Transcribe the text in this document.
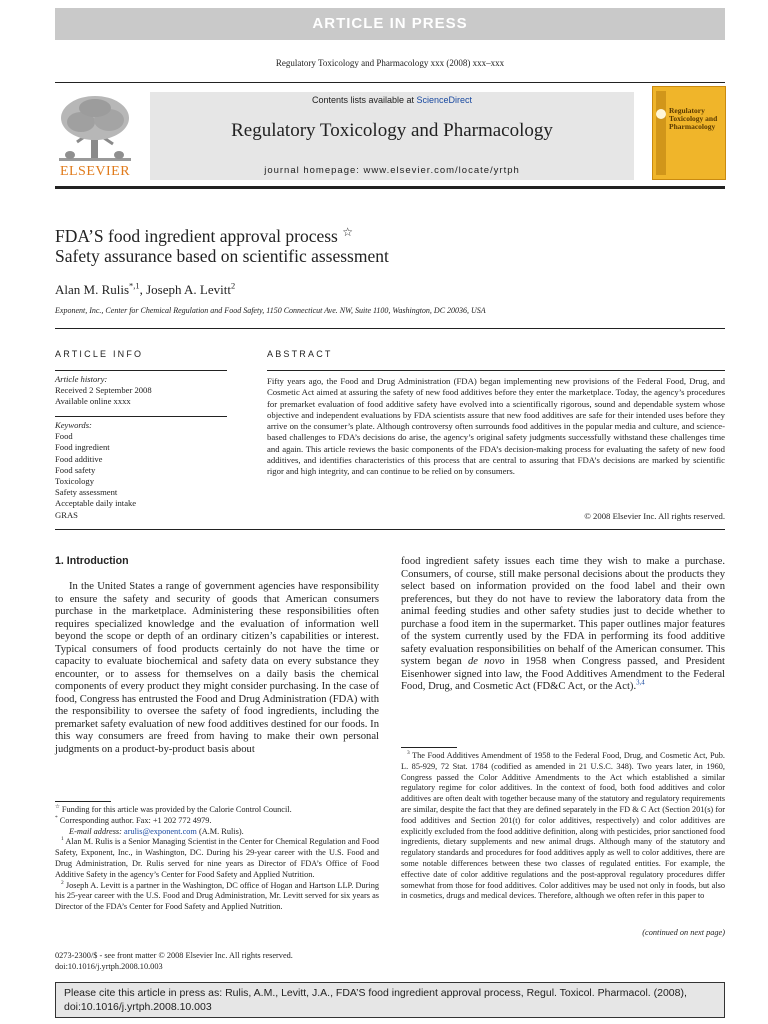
ARTICLE IN PRESS
Regulatory Toxicology and Pharmacology xxx (2008) xxx–xxx
ELSEVIER
Contents lists available at ScienceDirect
Regulatory Toxicology and Pharmacology
journal homepage: www.elsevier.com/locate/yrtph
Regulatory Toxicology and Pharmacology
FDA’S food ingredient approval process ☆
Safety assurance based on scientific assessment
Alan M. Rulis$^{*,1}$, Joseph A. Levitt$^2$
Exponent, Inc., Center for Chemical Regulation and Food Safety, 1150 Connecticut Ave. NW, Suite 1100, Washington, DC 20036, USA
ARTICLE INFO
Article history:
Received 2 September 2008
Available online xxxx
Keywords:
Food
Food ingredient
Food additive
Food safety
Toxicology
Safety assessment
Acceptable daily intake
GRAS
ABSTRACT
Fifty years ago, the Food and Drug Administration (FDA) began implementing new provisions of the Federal Food, Drug, and Cosmetic Act aimed at assuring the safety of new food additives before they enter the marketplace. Today, the agency’s procedures for premarket evaluation of food additive safety have evolved into a scientifically rigorous, sound and dependable system whose objective and independent evaluations by FDA scientists assure that new food additives are safe for their intended uses before they arrive on the consumer’s plate. Although controversy often surrounds food additives in the popular media and culture, and science-based challenges to FDA’s decisions do arise, the agency’s original safety judgments successfully withstand these challenges time and again. This article reviews the basic components of the FDA’s decision-making process for evaluating the safety of new food additives, and identifies characteristics of this process that are central to assuring that FDA’s decisions are marked by scientific rigor and high integrity, and can continue to be relied on by consumers.
© 2008 Elsevier Inc. All rights reserved.
1. Introduction
In the United States a range of government agencies have responsibility to ensure the safety and security of goods that American consumers purchase in the marketplace. Administering these responsibilities often requires specialized knowledge and the evaluation of information well beyond the scope or depth of an ordinary citizen’s capabilities or interest. Typical consumers of food products certainly do not have the time or capacity to evaluate biochemical and safety data on every substance they encounter, or to assess for themselves on a daily basis the chemical components of every product they might consider purchasing. In the case of food, Congress has entrusted the Food and Drug Administration (FDA) with the responsibility to oversee the safety of food ingredients, including the premarket safety evaluation of new food additives destined for our foods. In this way consumers are freed from having to make their own personal judgments on a product-by-product basis about
food ingredient safety issues each time they wish to make a purchase. Consumers, of course, still make personal decisions about the products they select based on information provided on the food label and their own preferences, but they do not have to review the laboratory data from the animal feeding studies and other safety studies just to decide whether to purchase a food item in the supermarket. This paper outlines major features of the system currently used by the FDA in performing its food additive safety evaluation responsibilities on behalf of the American consumer. This system began de novo in 1958 when Congress passed, and President Eisenhower signed into law, the Food Additives Amendment to the Federal Food, Drug, and Cosmetic Act (FD&C Act, or the Act).$^{3,4}$
☆ Funding for this article was provided by the Calorie Control Council.
* Corresponding author. Fax: +1 202 772 4979.
E-mail address: arulis@exponent.com (A.M. Rulis).
$^1$ Alan M. Rulis is a Senior Managing Scientist in the Center for Chemical Regulation and Food Safety, Exponent, Inc., in Washington, DC. During his 29-year career with the U.S. Food and Drug Administration, Dr. Rulis served for nine years as Director of FDA’s Office of Food Additive Safety in the agency’s Center for Food Safety and Applied Nutrition.
$^2$ Joseph A. Levitt is a partner in the Washington, DC office of Hogan and Hartson LLP. During his 25-year career with the U.S. Food and Drug Administration, Mr. Levitt served for six years as Director of the FDA’s Center for Food Safety and Applied Nutrition.
$^3$ The Food Additives Amendment of 1958 to the Federal Food, Drug, and Cosmetic Act, Pub. L. 85-929, 72 Stat. 1784 (codified as amended in 21 U.S.C. 348). Two years later, in 1960, Congress passed the Color Additive Amendments to the Act which established a similar regulatory regime for color additives. In the context of food, both food additives and color additives are often dealt with together because many of the statutory and regulatory requirements are similar, despite the fact that they are defined separately in the FD & C Act (Section 201(s) for food additives and Section 201(t) for color additives, respectively) and color additives are explicitly excluded from the food additive definition, along with pesticides, prior sanctioned food ingredients, dietary supplements and new animal drugs. Although many of the statutory and regulatory standards and procedures for food additives apply as well to color additives, there are some notable differences between these two classes of regulated entities. For example, the effective date of color additive regulations and the post-approval regulatory procedures differ somewhat from those for food additives. Color additives may be used not only in foods, but also in cosmetics, drugs and medical devices. Therefore, although we often refer in this paper to
(continued on next page)
0273-2300/$ - see front matter © 2008 Elsevier Inc. All rights reserved.
doi:10.1016/j.yrtph.2008.10.003
Please cite this article in press as: Rulis, A.M., Levitt, J.A., FDA’S food ingredient approval process, Regul. Toxicol. Pharmacol. (2008),
doi:10.1016/j.yrtph.2008.10.003
